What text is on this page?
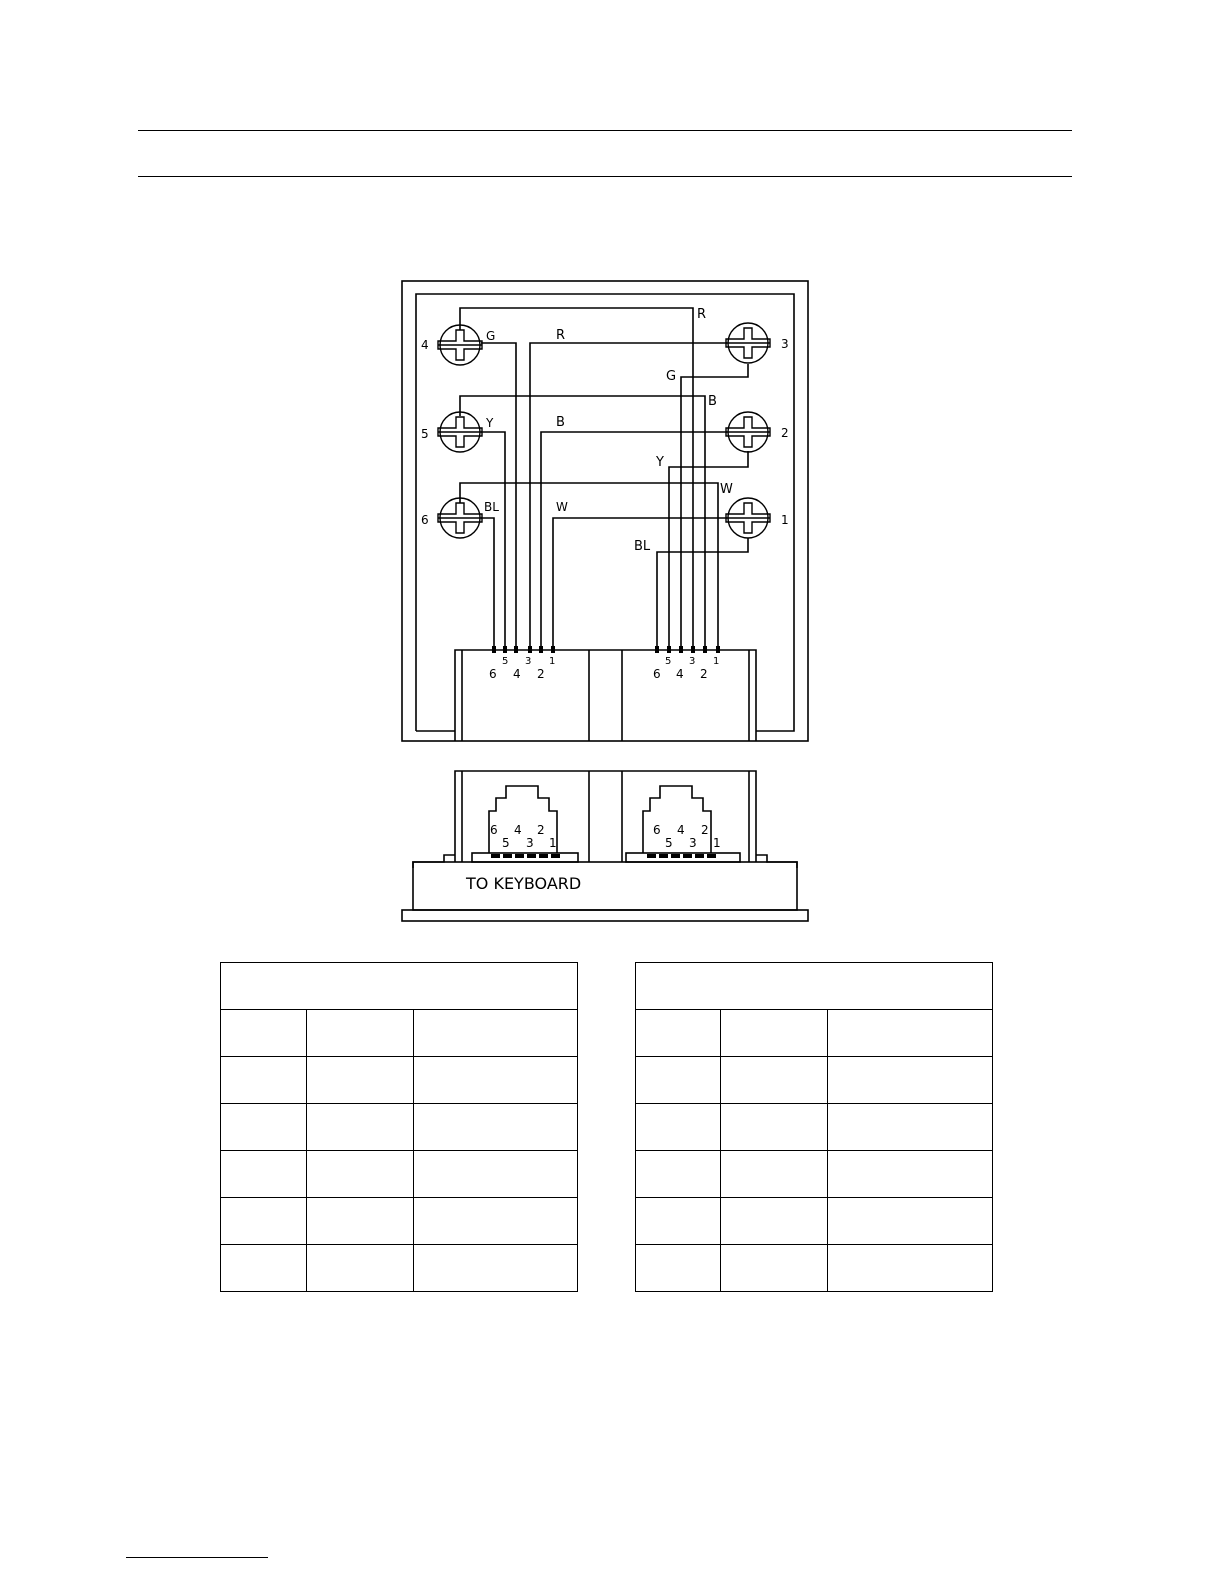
4
5
6
3
2
1
G
Y
BL
R
R
G
B
B
Y
W
W
BL
5 3 1
6 4 2
5 3 1
6 4 2
6 4 2
5 3 1
6 4 2
5 3 1
TO KEYBOARD
